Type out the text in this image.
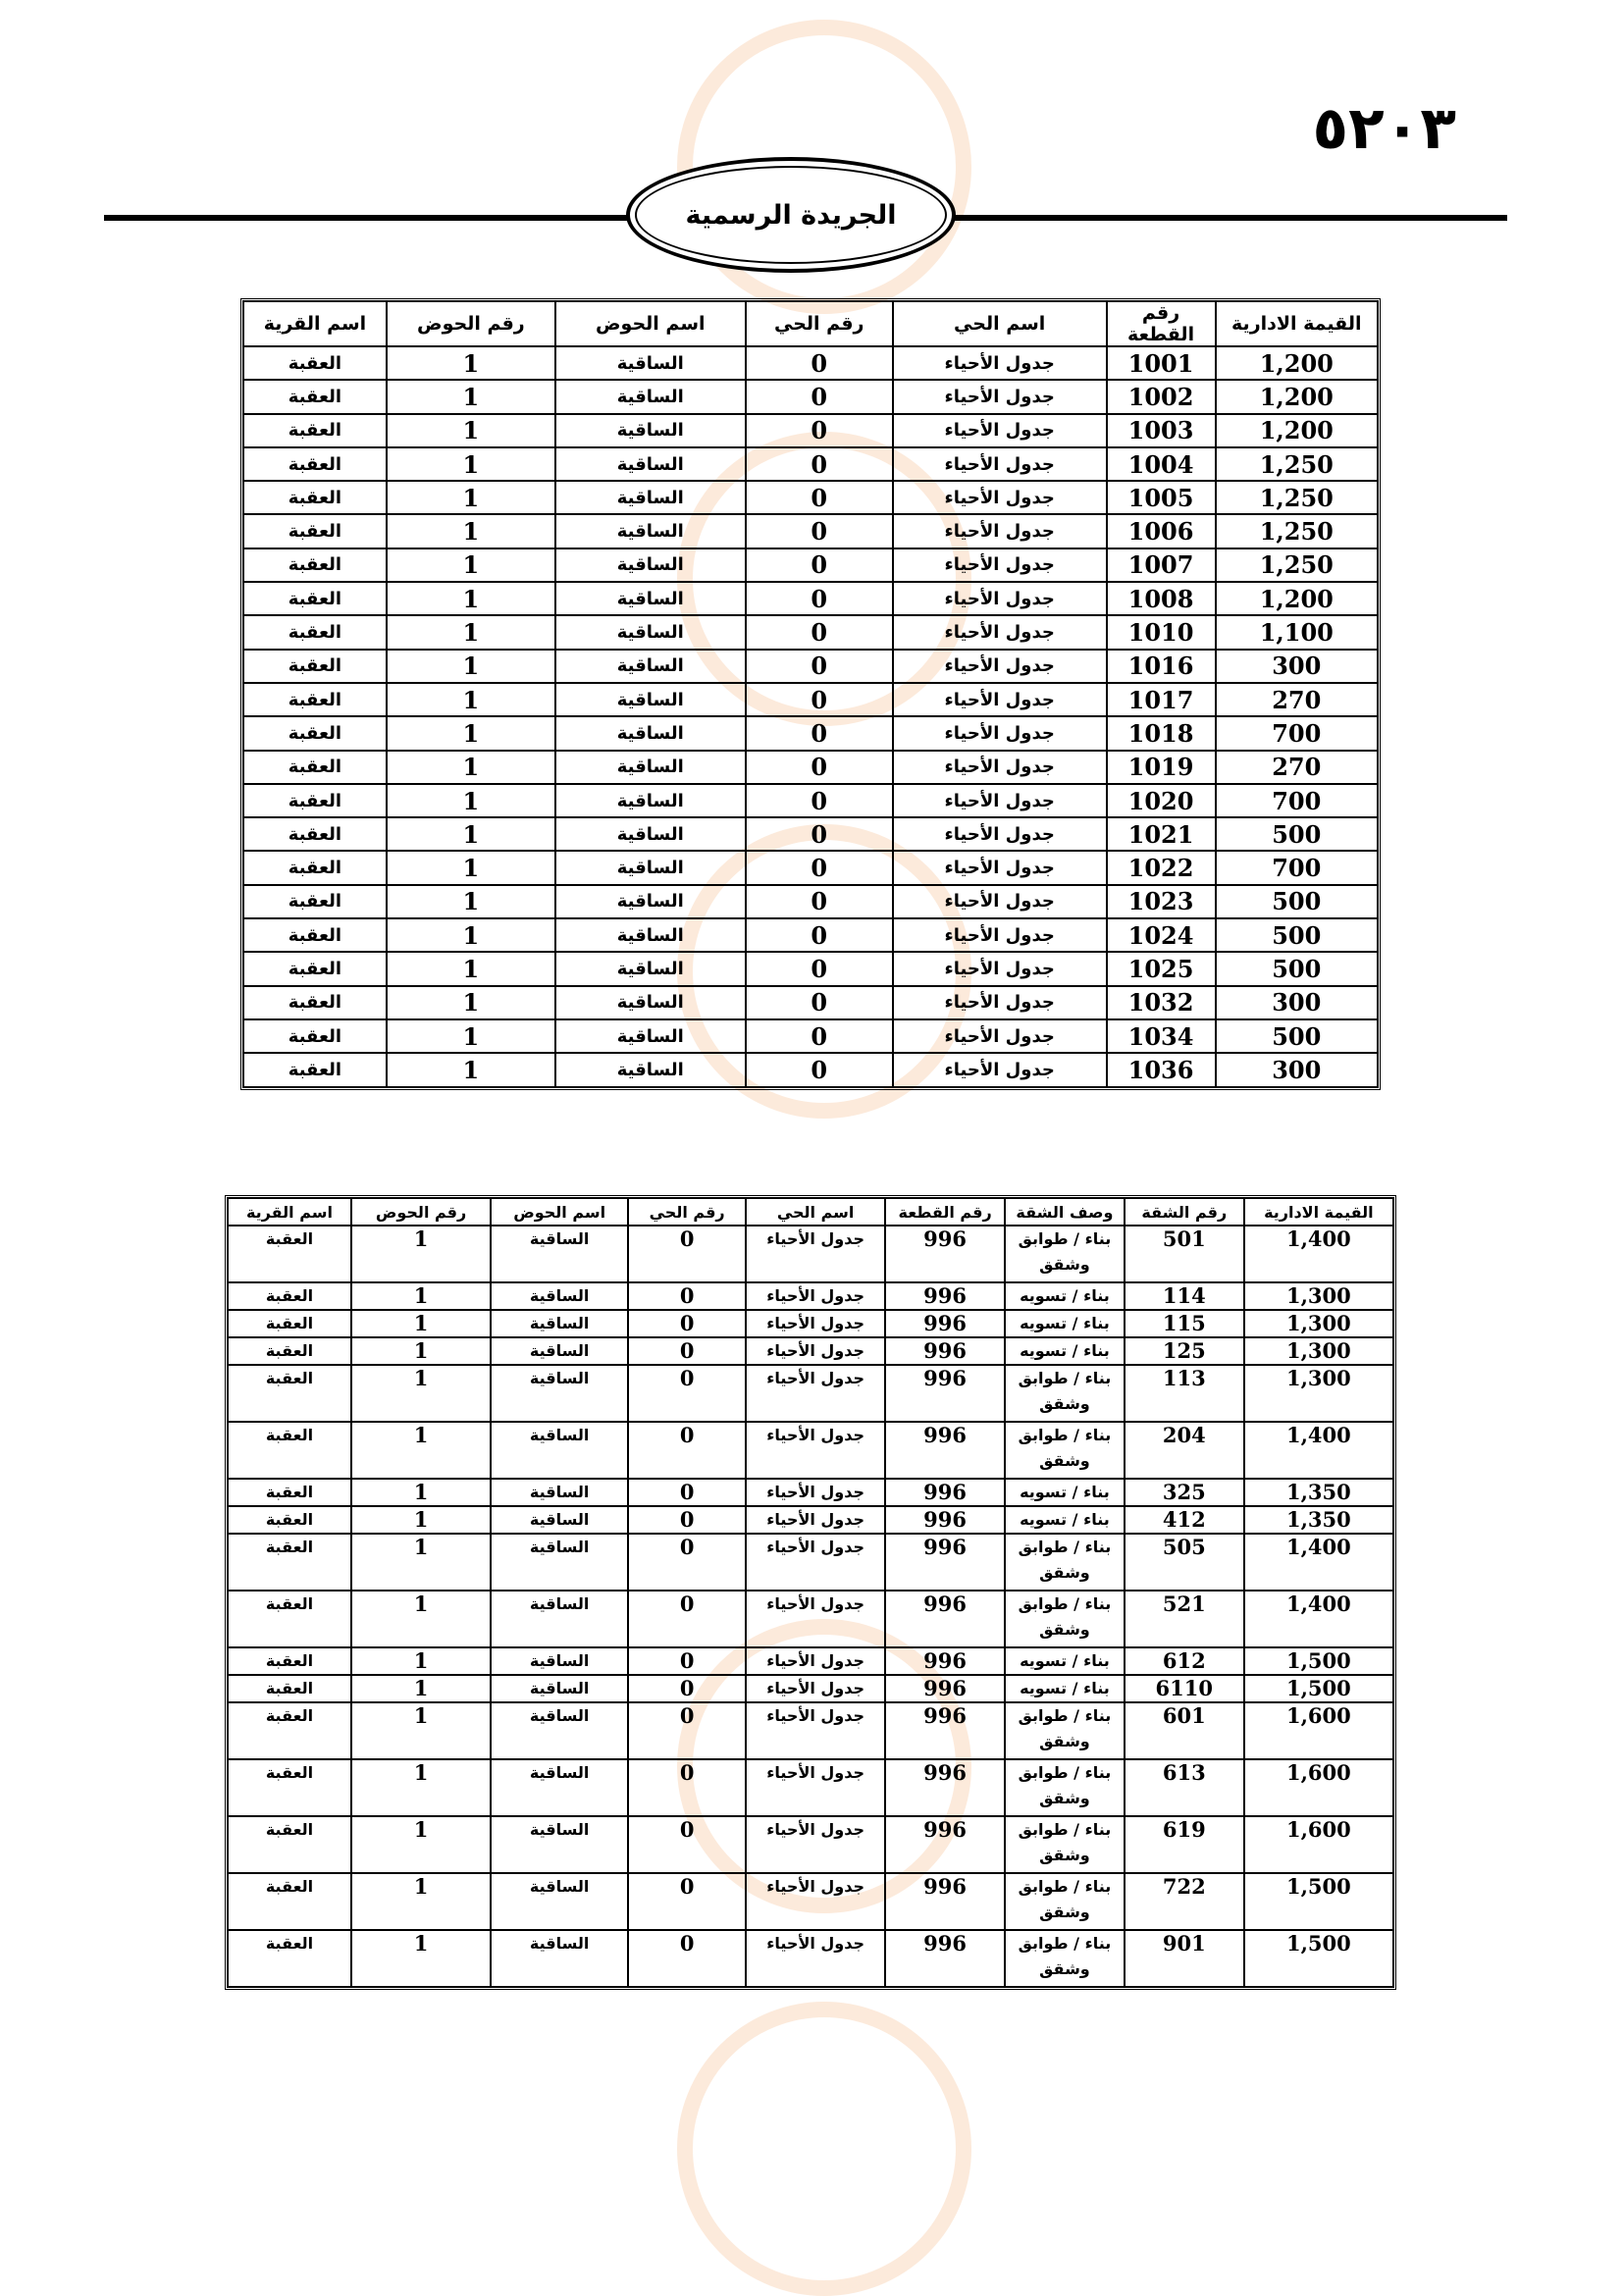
٥٢٠٣
الجريدة الرسمية
القيمة الادارية	رقم القطعة	اسم الحي	رقم الحي	اسم الحوض	رقم الحوض	اسم القرية
1,200	1001	جدول الأحياء	0	الساقية	1	العقبة
1,200	1002	جدول الأحياء	0	الساقية	1	العقبة
1,200	1003	جدول الأحياء	0	الساقية	1	العقبة
1,250	1004	جدول الأحياء	0	الساقية	1	العقبة
1,250	1005	جدول الأحياء	0	الساقية	1	العقبة
1,250	1006	جدول الأحياء	0	الساقية	1	العقبة
1,250	1007	جدول الأحياء	0	الساقية	1	العقبة
1,200	1008	جدول الأحياء	0	الساقية	1	العقبة
1,100	1010	جدول الأحياء	0	الساقية	1	العقبة
300	1016	جدول الأحياء	0	الساقية	1	العقبة
270	1017	جدول الأحياء	0	الساقية	1	العقبة
700	1018	جدول الأحياء	0	الساقية	1	العقبة
270	1019	جدول الأحياء	0	الساقية	1	العقبة
700	1020	جدول الأحياء	0	الساقية	1	العقبة
500	1021	جدول الأحياء	0	الساقية	1	العقبة
700	1022	جدول الأحياء	0	الساقية	1	العقبة
500	1023	جدول الأحياء	0	الساقية	1	العقبة
500	1024	جدول الأحياء	0	الساقية	1	العقبة
500	1025	جدول الأحياء	0	الساقية	1	العقبة
300	1032	جدول الأحياء	0	الساقية	1	العقبة
500	1034	جدول الأحياء	0	الساقية	1	العقبة
300	1036	جدول الأحياء	0	الساقية	1	العقبة
القيمة الادارية	رقم الشقة	وصف الشقة	رقم القطعة	اسم الحي	رقم الحي	اسم الحوض	رقم الحوض	اسم القرية
1,400	501	بناء / طوابق وشقق	996	جدول الأحياء	0	الساقية	1	العقبة
1,300	114	بناء / تسويه	996	جدول الأحياء	0	الساقية	1	العقبة
1,300	115	بناء / تسويه	996	جدول الأحياء	0	الساقية	1	العقبة
1,300	125	بناء / تسويه	996	جدول الأحياء	0	الساقية	1	العقبة
1,300	113	بناء / طوابق وشقق	996	جدول الأحياء	0	الساقية	1	العقبة
1,400	204	بناء / طوابق وشقق	996	جدول الأحياء	0	الساقية	1	العقبة
1,350	325	بناء / تسويه	996	جدول الأحياء	0	الساقية	1	العقبة
1,350	412	بناء / تسويه	996	جدول الأحياء	0	الساقية	1	العقبة
1,400	505	بناء / طوابق وشقق	996	جدول الأحياء	0	الساقية	1	العقبة
1,400	521	بناء / طوابق وشقق	996	جدول الأحياء	0	الساقية	1	العقبة
1,500	612	بناء / تسويه	996	جدول الأحياء	0	الساقية	1	العقبة
1,500	6110	بناء / تسويه	996	جدول الأحياء	0	الساقية	1	العقبة
1,600	601	بناء / طوابق وشقق	996	جدول الأحياء	0	الساقية	1	العقبة
1,600	613	بناء / طوابق وشقق	996	جدول الأحياء	0	الساقية	1	العقبة
1,600	619	بناء / طوابق وشقق	996	جدول الأحياء	0	الساقية	1	العقبة
1,500	722	بناء / طوابق وشقق	996	جدول الأحياء	0	الساقية	1	العقبة
1,500	901	بناء / طوابق وشقق	996	جدول الأحياء	0	الساقية	1	العقبة
